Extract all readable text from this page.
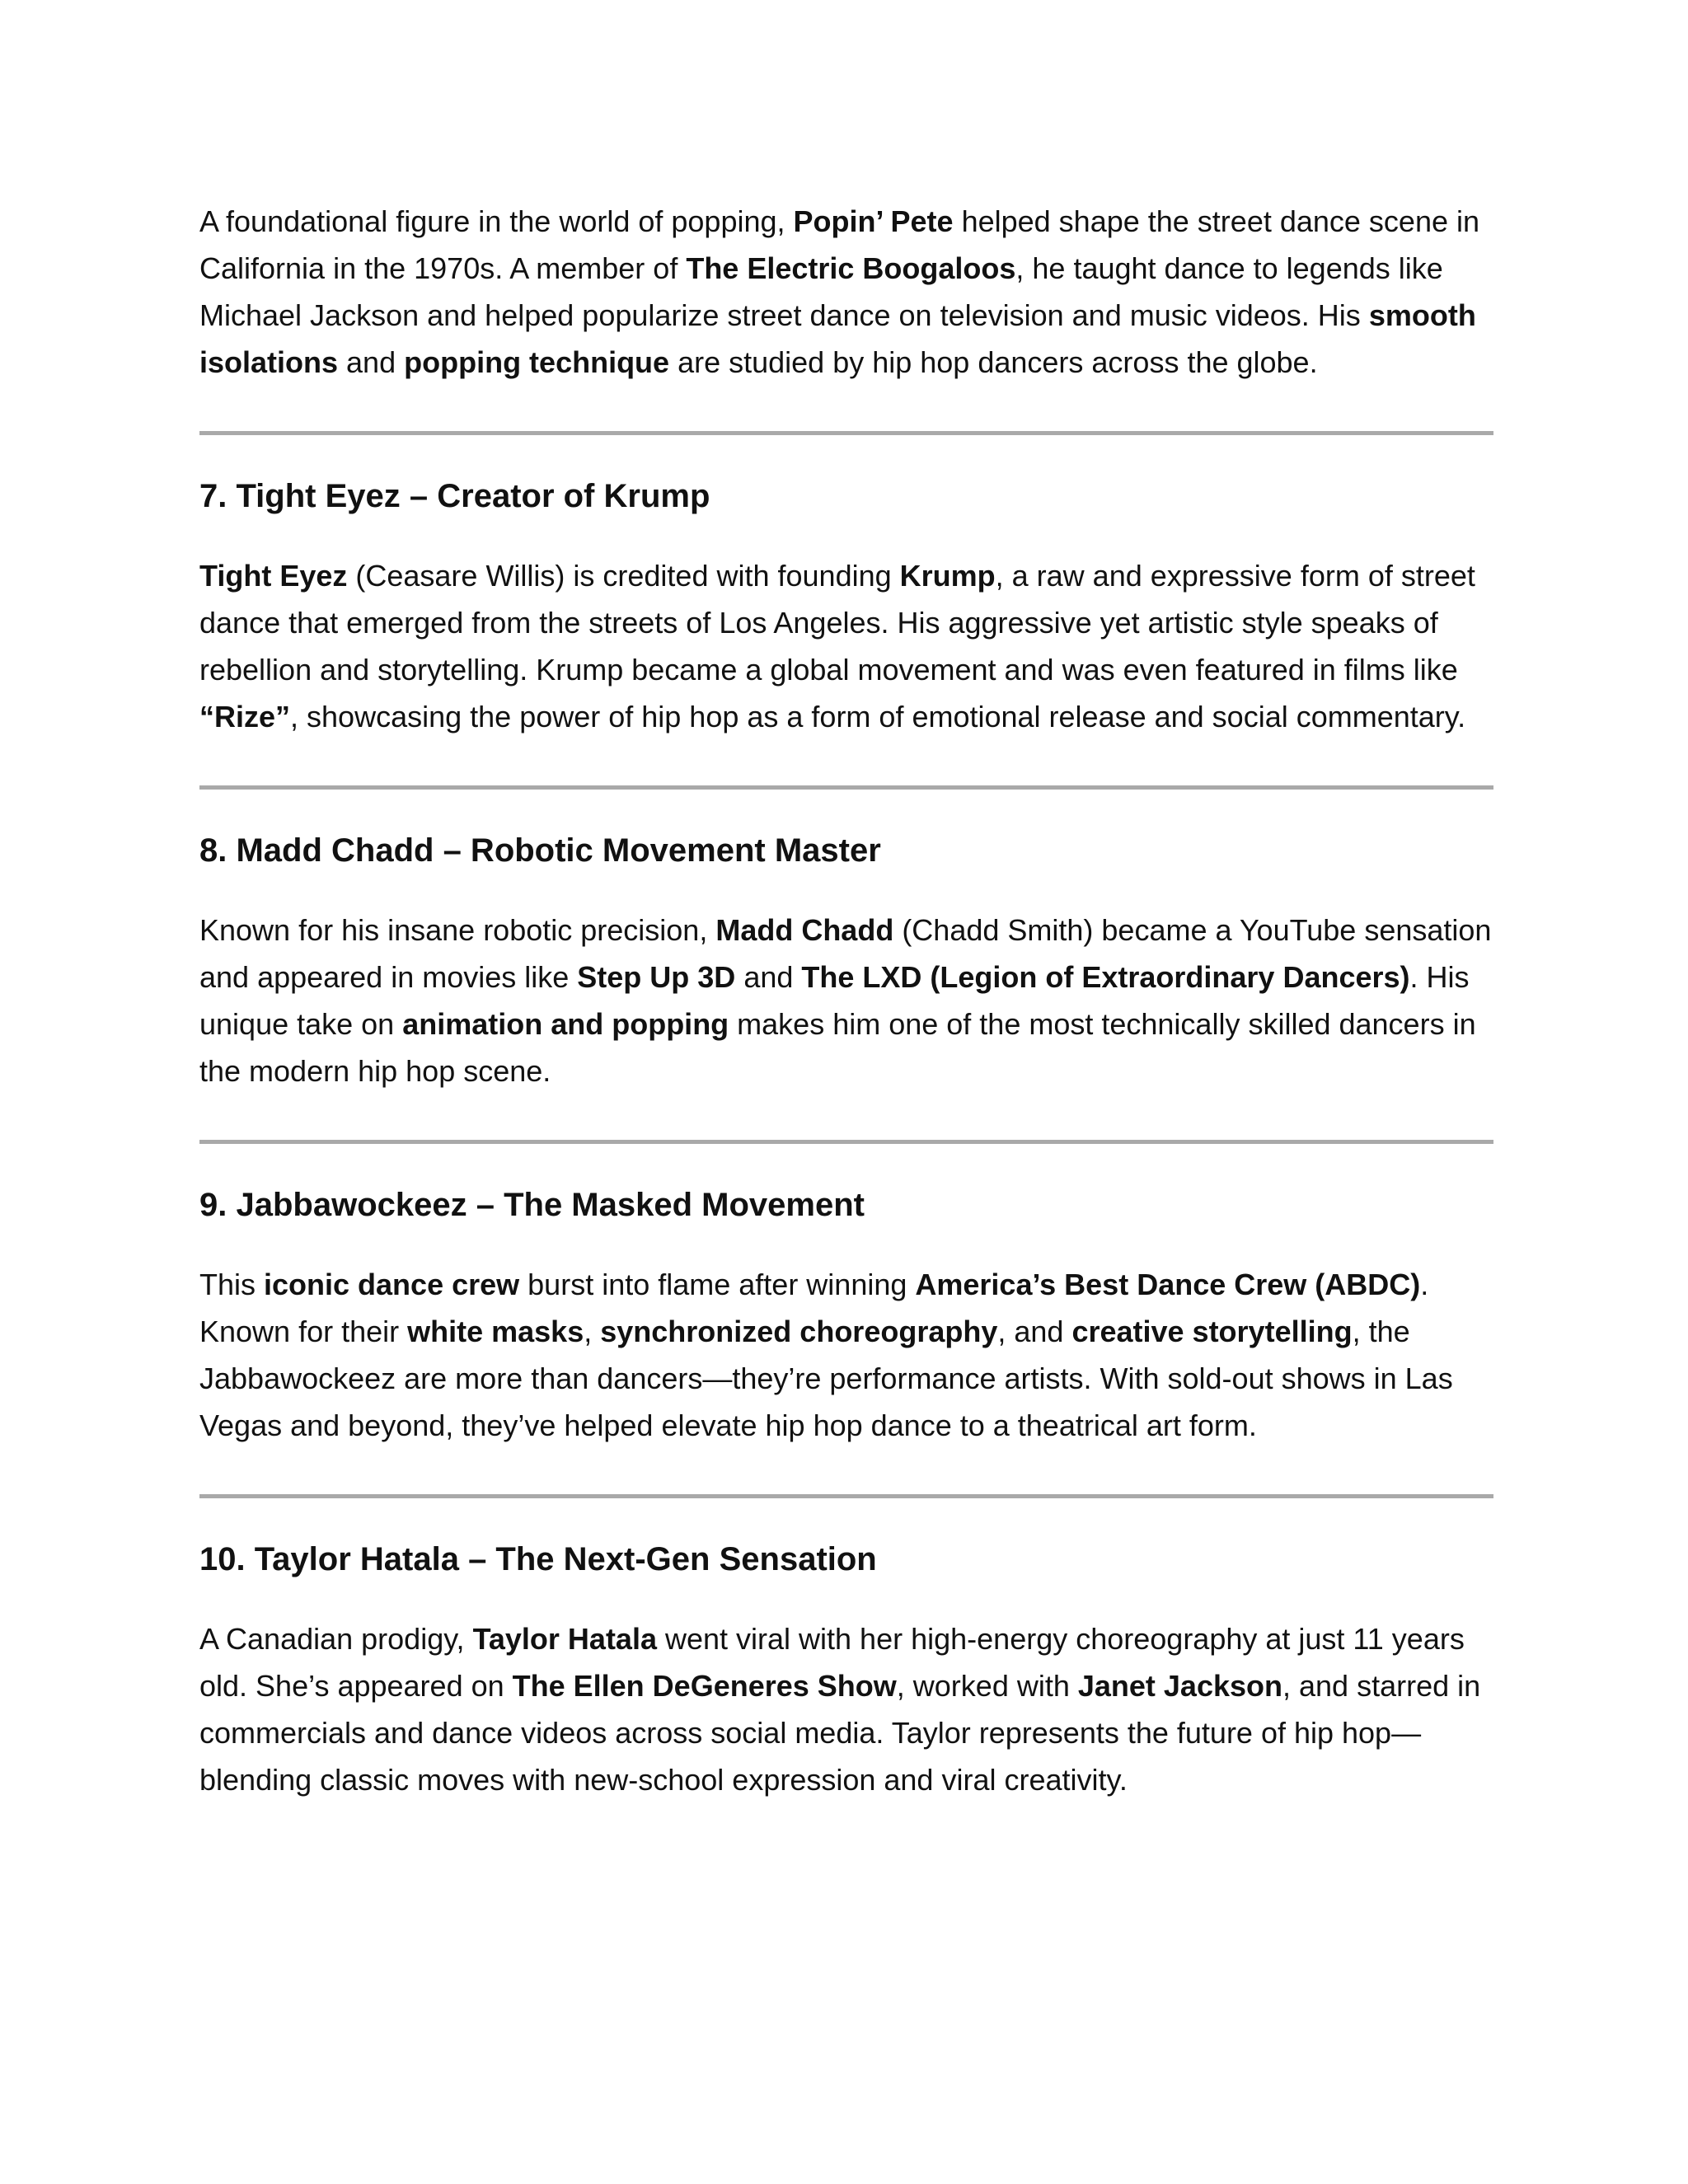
A foundational figure in the world of popping, Popin’ Pete helped shape the street dance scene in California in the 1970s. A member of The Electric Boogaloos, he taught dance to legends like Michael Jackson and helped popularize street dance on television and music videos. His smooth isolations and popping technique are studied by hip hop dancers across the globe.

7. Tight Eyez – Creator of Krump

Tight Eyez (Ceasare Willis) is credited with founding Krump, a raw and expressive form of street dance that emerged from the streets of Los Angeles. His aggressive yet artistic style speaks of rebellion and storytelling. Krump became a global movement and was even featured in films like “Rize”, showcasing the power of hip hop as a form of emotional release and social commentary.

8. Madd Chadd – Robotic Movement Master

Known for his insane robotic precision, Madd Chadd (Chadd Smith) became a YouTube sensation and appeared in movies like Step Up 3D and The LXD (Legion of Extraordinary Dancers). His unique take on animation and popping makes him one of the most technically skilled dancers in the modern hip hop scene.

9. Jabbawockeez – The Masked Movement

This iconic dance crew burst into flame after winning America’s Best Dance Crew (ABDC). Known for their white masks, synchronized choreography, and creative storytelling, the Jabbawockeez are more than dancers—they’re performance artists. With sold-out shows in Las Vegas and beyond, they’ve helped elevate hip hop dance to a theatrical art form.

10. Taylor Hatala – The Next-Gen Sensation

A Canadian prodigy, Taylor Hatala went viral with her high-energy choreography at just 11 years old. She’s appeared on The Ellen DeGeneres Show, worked with Janet Jackson, and starred in commercials and dance videos across social media. Taylor represents the future of hip hop—blending classic moves with new-school expression and viral creativity.
